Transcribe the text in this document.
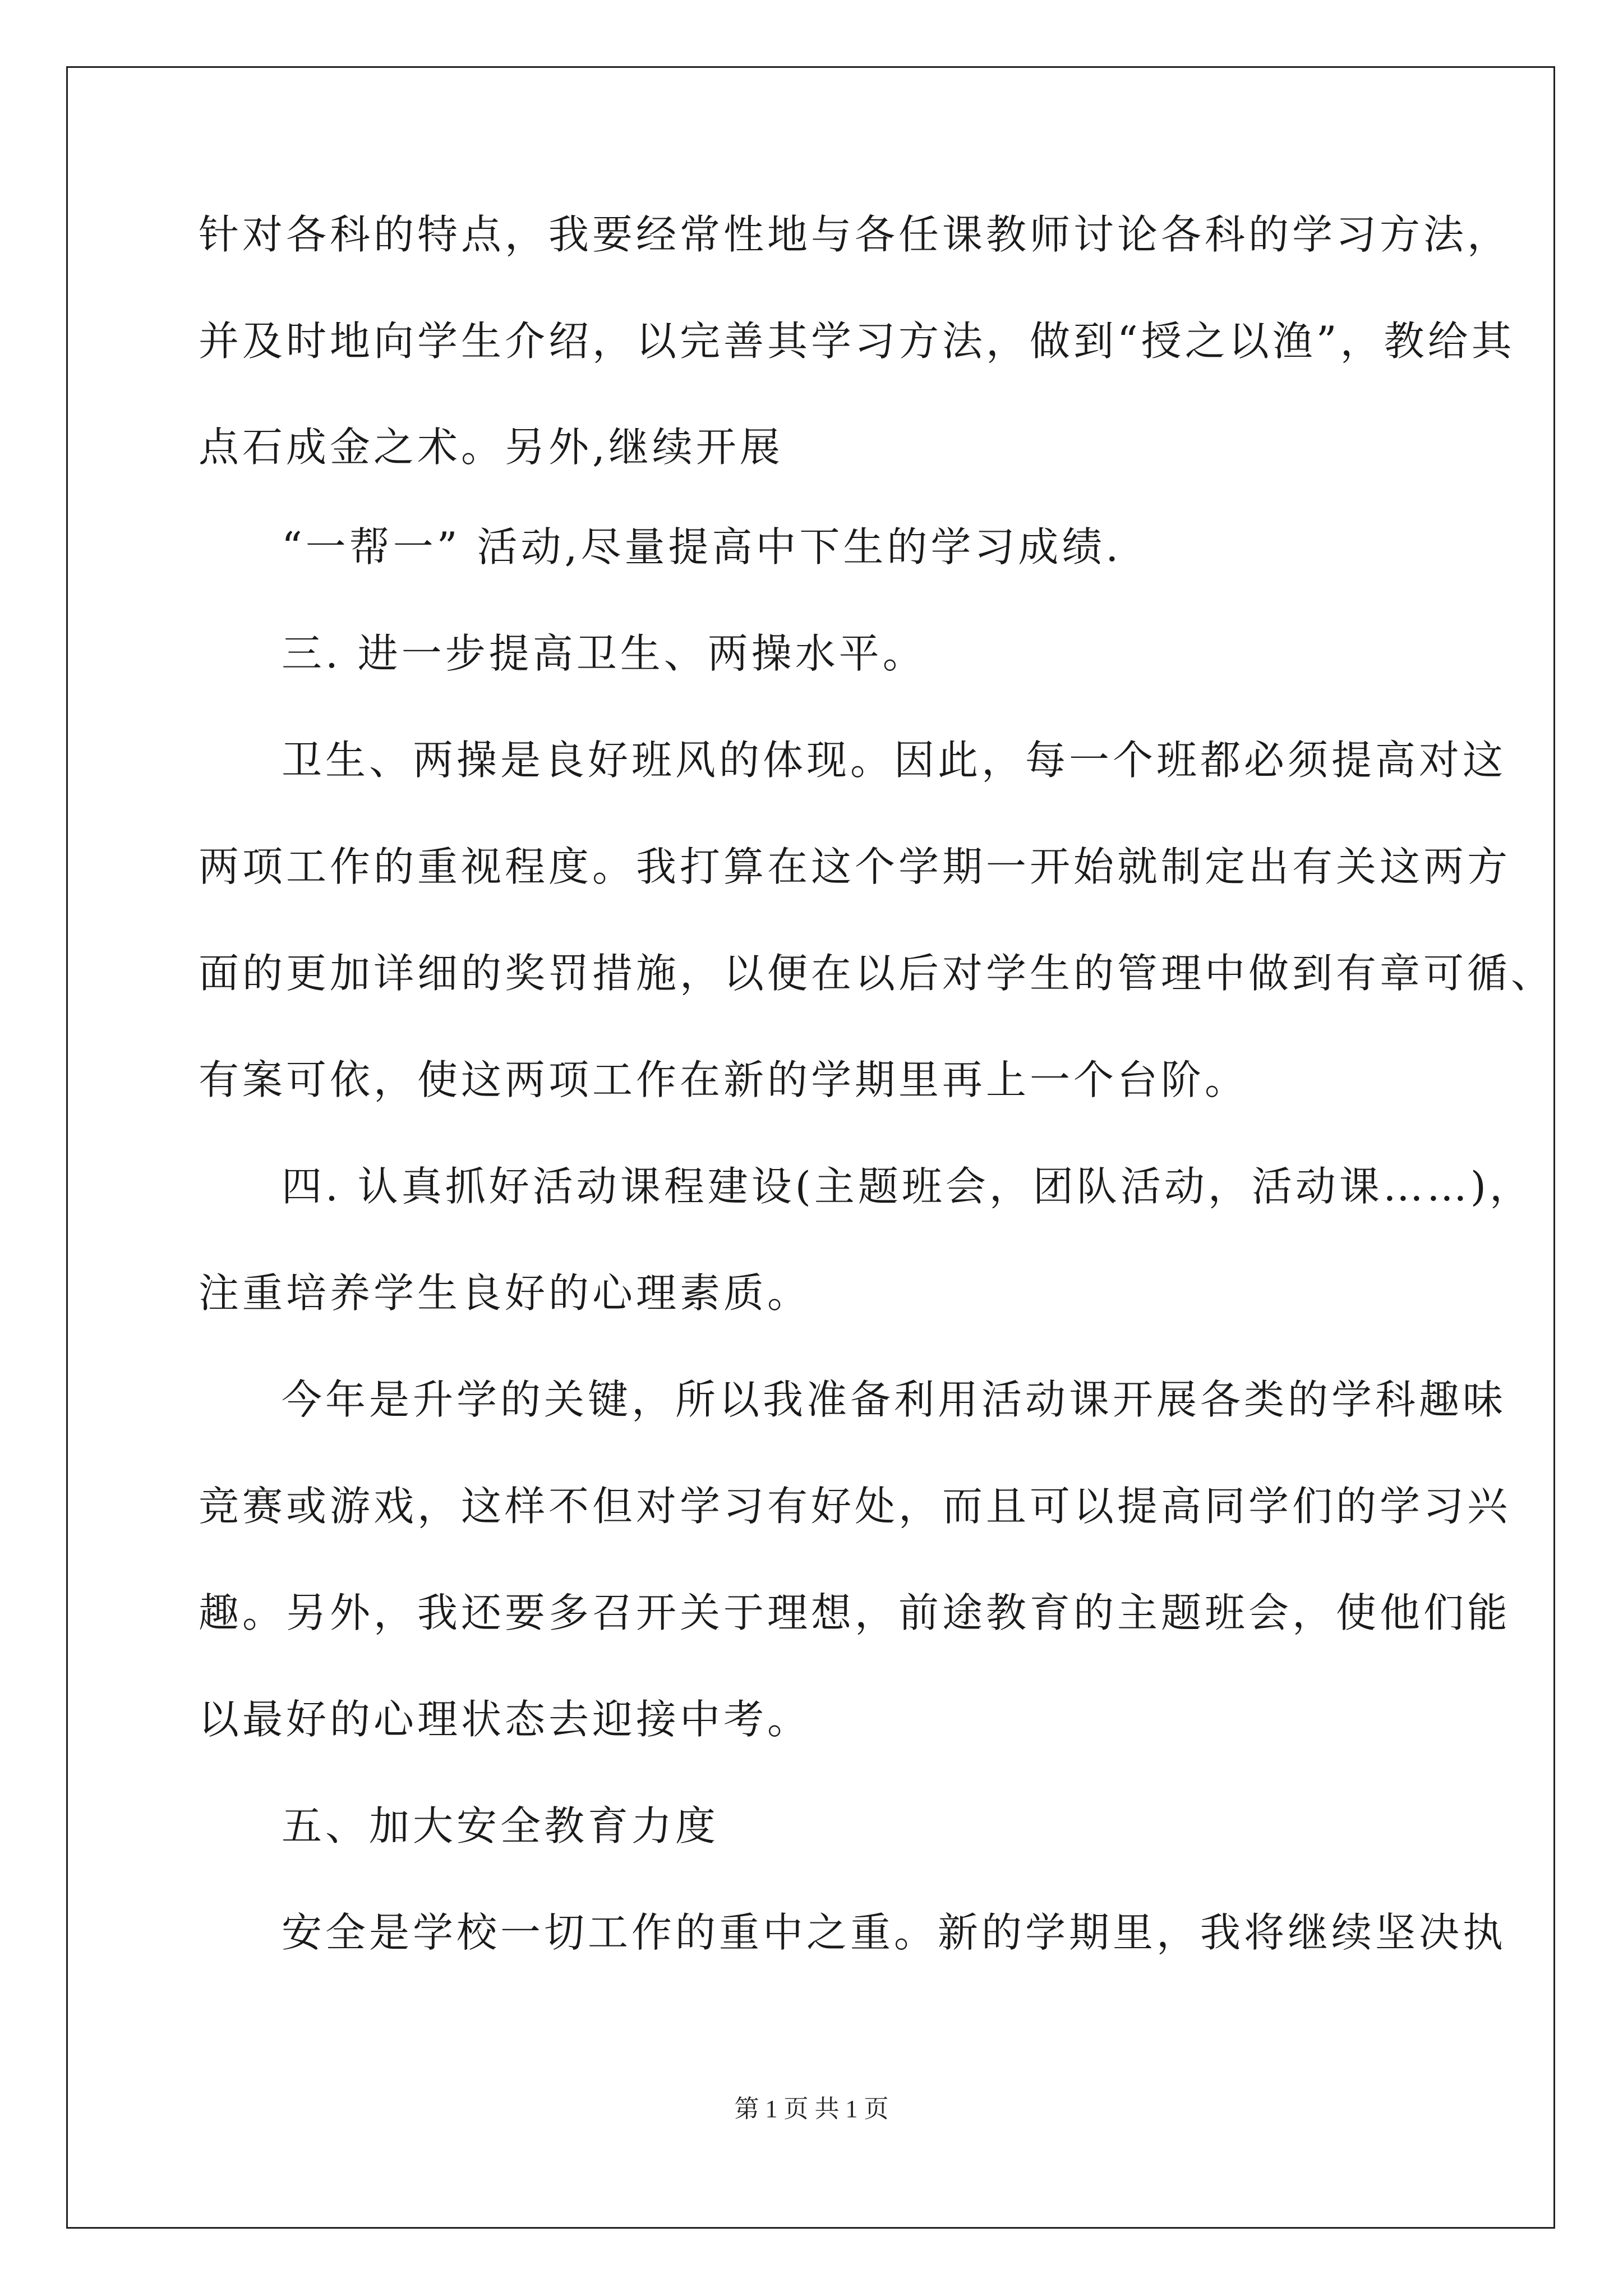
针对各科的特点，我要经常性地与各任课教师讨论各科的学习方法，
并及时地向学生介绍，以完善其学习方法，做到“授之以渔”，教给其
点石成金之术。另外,继续开展
“一帮一” 活动,尽量提高中下生的学习成绩.
三. 进一步提高卫生、两操水平。
卫生、两操是良好班风的体现。因此，每一个班都必须提高对这
两项工作的重视程度。我打算在这个学期一开始就制定出有关这两方
面的更加详细的奖罚措施，以便在以后对学生的管理中做到有章可循、
有案可依，使这两项工作在新的学期里再上一个台阶。
四. 认真抓好活动课程建设(主题班会，团队活动，活动课……)，
注重培养学生良好的心理素质。
今年是升学的关键，所以我准备利用活动课开展各类的学科趣味
竞赛或游戏，这样不但对学习有好处，而且可以提高同学们的学习兴
趣。另外，我还要多召开关于理想，前途教育的主题班会，使他们能
以最好的心理状态去迎接中考。
五、加大安全教育力度
安全是学校一切工作的重中之重。新的学期里，我将继续坚决执
第 1 页 共 1 页
